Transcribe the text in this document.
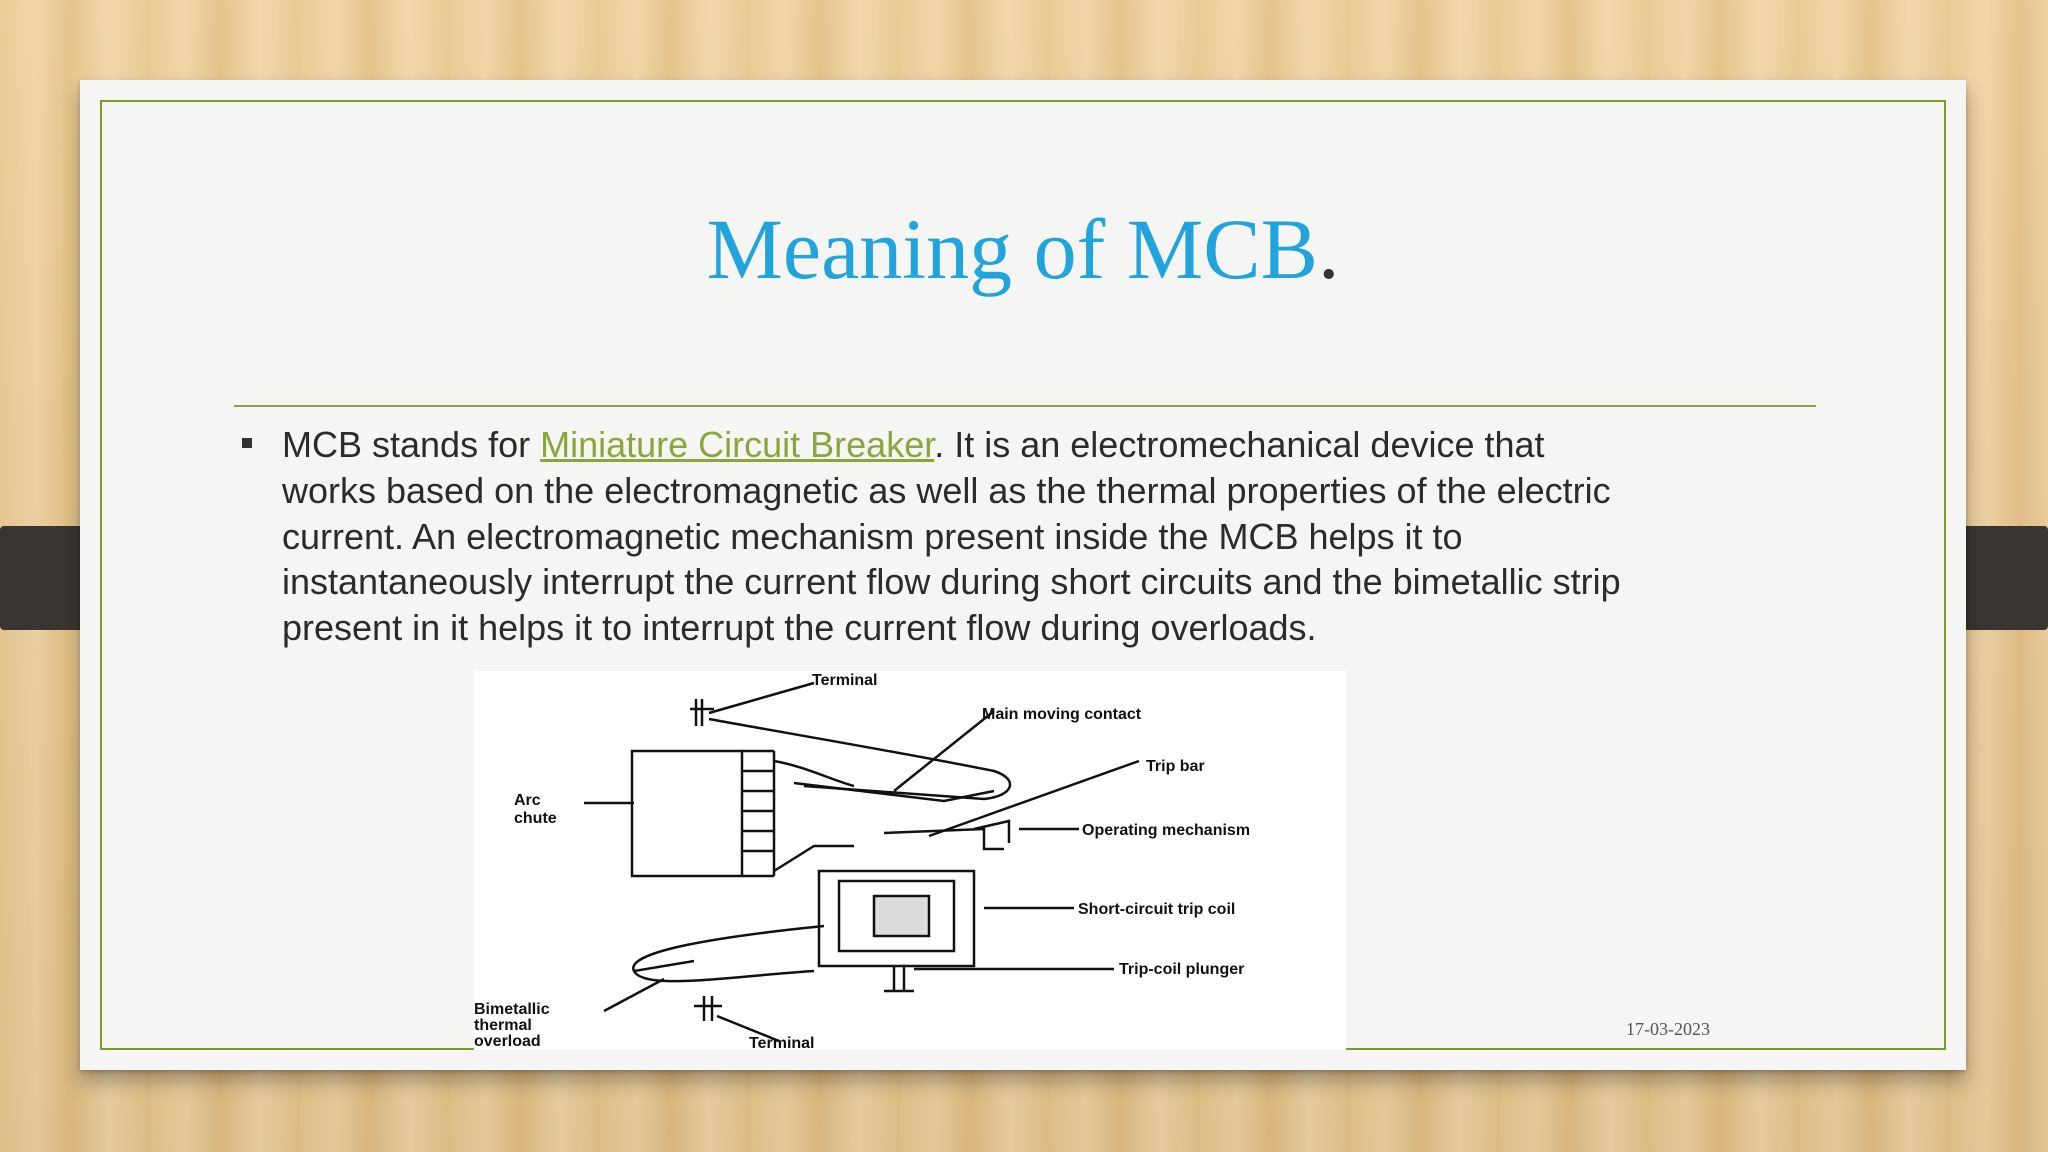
Meaning of MCB.
MCB stands for Miniature Circuit Breaker. It is an electromechanical device that works based on the electromagnetic as well as the thermal properties of the electric current. An electromagnetic mechanism present inside the MCB helps it to instantaneously interrupt the current flow during short circuits and the bimetallic strip present in it helps it to interrupt the current flow during overloads.
Terminal
Main moving contact
Trip bar
Arc
chute
Operating mechanism
Short-circuit trip coil
Trip-coil plunger
Bimetallic
thermal
overload	Terminal
17-03-2023
